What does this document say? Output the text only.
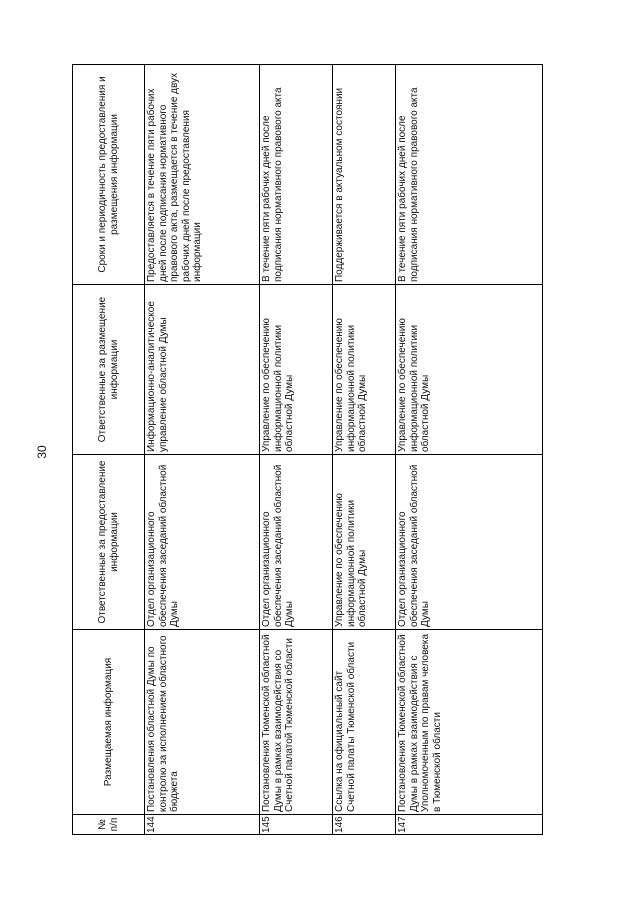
30
№ п/п	Размещаемая информация	Ответственные за предоставление информации	Ответственные за размещение информации	Сроки и периодичность предоставления и размещения информации
144	Постановления областной Думы по контролю за исполнением областного бюджета	Отдел организационного обеспечения заседаний областной Думы	Информационно-аналитическое управление областной Думы	Предоставляется в течение пяти рабочих дней после подписания нормативного правового акта, размещается в течение двух рабочих дней после предоставления информации
145	Постановления Тюменской областной Думы в рамках взаимодействия со Счетной палатой Тюменской области	Отдел организационного обеспечения заседаний областной Думы	Управление по обеспечению информационной политики областной Думы	В течение пяти рабочих дней после подписания нормативного правового акта
146	Ссылка на официальный сайт Счетной палаты Тюменской области	Управление по обеспечению информационной политики областной Думы	Управление по обеспечению информационной политики областной Думы	Поддерживается в актуальном состоянии
147	Постановления Тюменской областной Думы в рамках взаимодействия с Уполномоченным по правам человека в Тюменской области	Отдел организационного обеспечения заседаний областной Думы	Управление по обеспечению информационной политики областной Думы	В течение пяти рабочих дней после подписания нормативного правового акта
